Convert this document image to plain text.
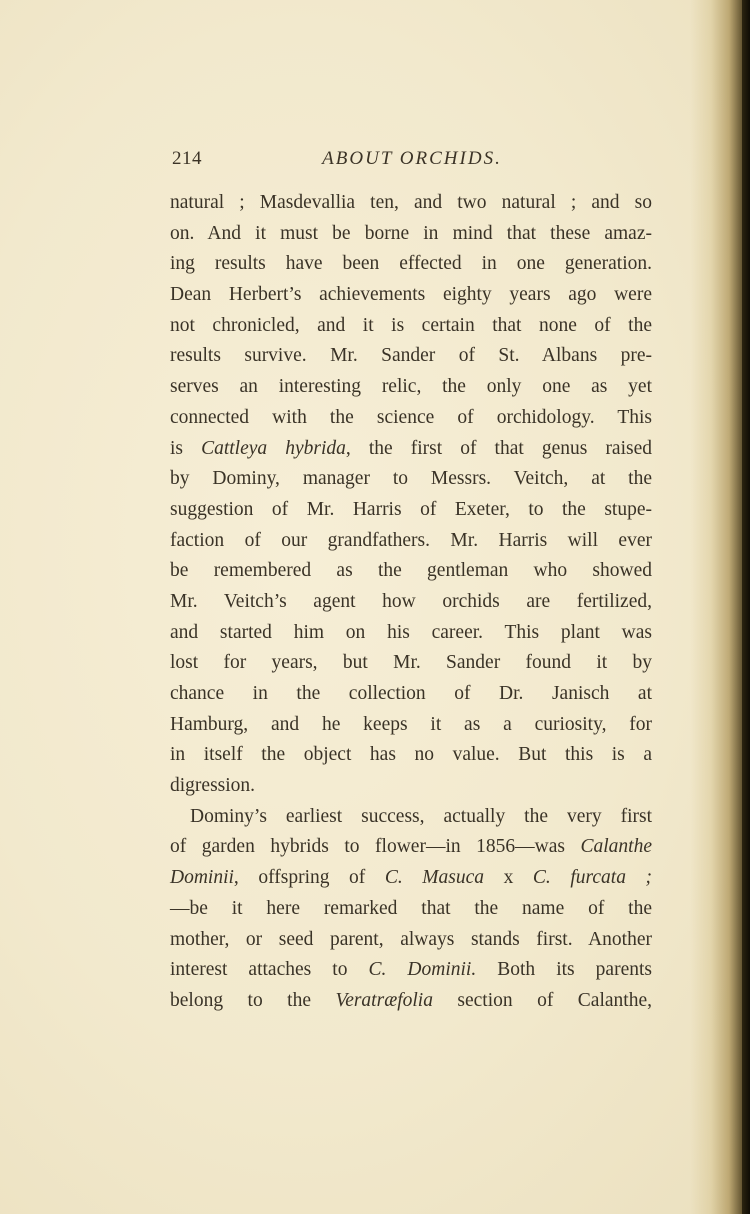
214	ABOUT ORCHIDS.
natural ; Masdevallia ten, and two natural ; and so
on. And it must be borne in mind that these amaz-
ing results have been effected in one generation.
Dean Herbert’s achievements eighty years ago were
not chronicled, and it is certain that none of the
results survive. Mr. Sander of St. Albans pre-
serves an interesting relic, the only one as yet
connected with the science of orchidology. This
is Cattleya hybrida, the first of that genus raised
by Dominy, manager to Messrs. Veitch, at the
suggestion of Mr. Harris of Exeter, to the stupe-
faction of our grandfathers. Mr. Harris will ever
be remembered as the gentleman who showed
Mr. Veitch’s agent how orchids are fertilized,
and started him on his career. This plant was
lost for years, but Mr. Sander found it by
chance in the collection of Dr. Janisch at
Hamburg, and he keeps it as a curiosity, for
in itself the object has no value. But this is a
digression.
Dominy’s earliest success, actually the very first
of garden hybrids to flower—in 1856—was Calanthe
Dominii, offspring of C. Masuca x C. furcata ;
—be it here remarked that the name of the
mother, or seed parent, always stands first. Another
interest attaches to C. Dominii. Both its parents
belong to the Veratræfolia section of Calanthe,
